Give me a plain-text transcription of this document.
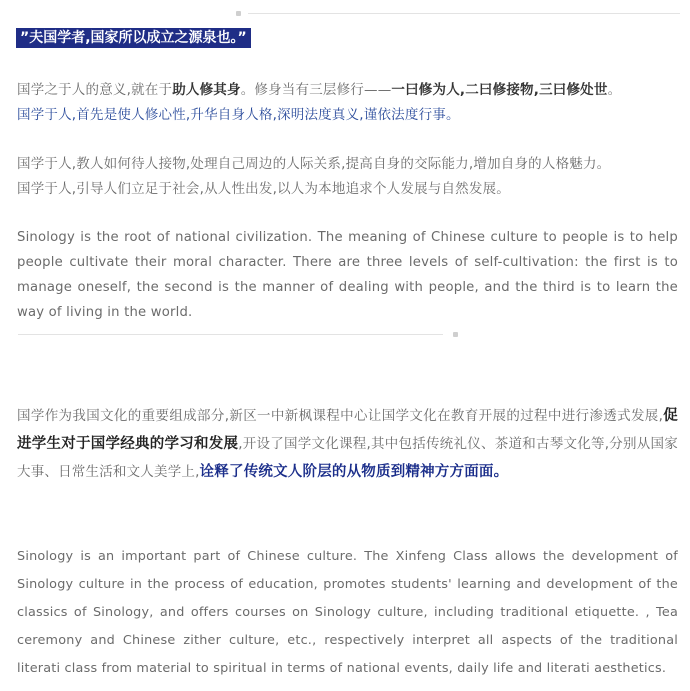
”夫国学者,国家所以成立之源泉也。”

国学之于人的意义,就在于助人修其身。修身当有三层修行——一曰修为人,二曰修接物,三曰修处世。
国学于人,首先是使人修心性,升华自身人格,深明法度真义,谨依法度行事。

国学于人,教人如何待人接物,处理自己周边的人际关系,提高自身的交际能力,增加自身的人格魅力。
国学于人,引导人们立足于社会,从人性出发,以人为本地追求个人发展与自然发展。

Sinology is the root of national civilization. The meaning of Chinese culture to people is to help people cultivate their moral character. There are three levels of self-cultivation: the first is to manage oneself, the second is the manner of dealing with people, and the third is to learn the way of living in the world.

国学作为我国文化的重要组成部分,新区一中新枫课程中心让国学文化在教育开展的过程中进行渗透式发展,促进学生对于国学经典的学习和发展,开设了国学文化课程,其中包括传统礼仪、茶道和古琴文化等,分别从国家大事、日常生活和文人美学上,诠释了传统文人阶层的从物质到精神方方面面。

Sinology is an important part of Chinese culture. The Xinfeng Class allows the development of Sinology culture in the process of education, promotes students' learning and development of the classics of Sinology, and offers courses on Sinology culture, including traditional etiquette. , Tea ceremony and Chinese zither culture, etc., respectively interpret all aspects of the traditional literati class from material to spiritual in terms of national events, daily life and literati aesthetics.
